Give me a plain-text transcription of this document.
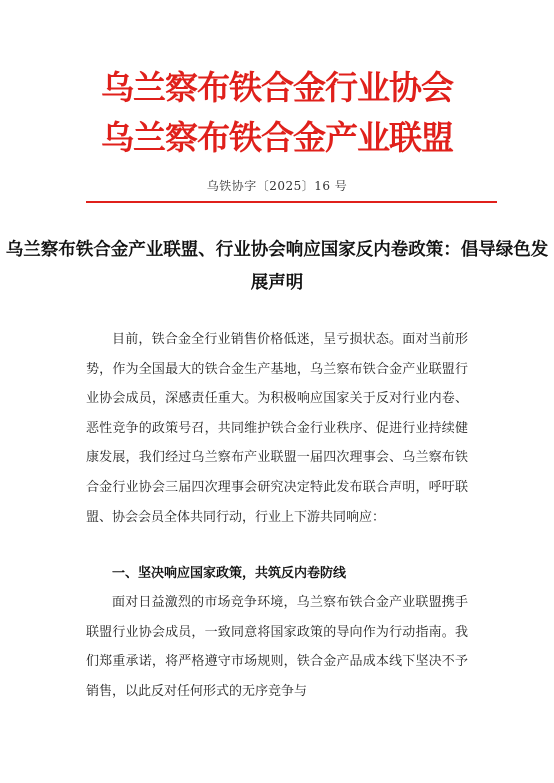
乌兰察布铁合金行业协会
乌兰察布铁合金产业联盟
乌铁协字〔2025〕16 号
乌兰察布铁合金产业联盟、行业协会响应国家反内卷政策：倡导绿色发展声明

目前，铁合金全行业销售价格低迷，呈亏损状态。面对当前形势，作为全国最大的铁合金生产基地，乌兰察布铁合金产业联盟行业协会成员，深感责任重大。为积极响应国家关于反对行业内卷、恶性竞争的政策号召，共同维护铁合金行业秩序、促进行业持续健康发展，我们经过乌兰察布产业联盟一届四次理事会、乌兰察布铁合金行业协会三届四次理事会研究决定特此发布联合声明，呼吁联盟、协会会员全体共同行动，行业上下游共同响应：

一、坚决响应国家政策，共筑反内卷防线

面对日益激烈的市场竞争环境，乌兰察布铁合金产业联盟携手联盟行业协会成员，一致同意将国家政策的导向作为行动指南。我们郑重承诺，将严格遵守市场规则，铁合金产品成本线下坚决不予销售，以此反对任何形式的无序竞争与
